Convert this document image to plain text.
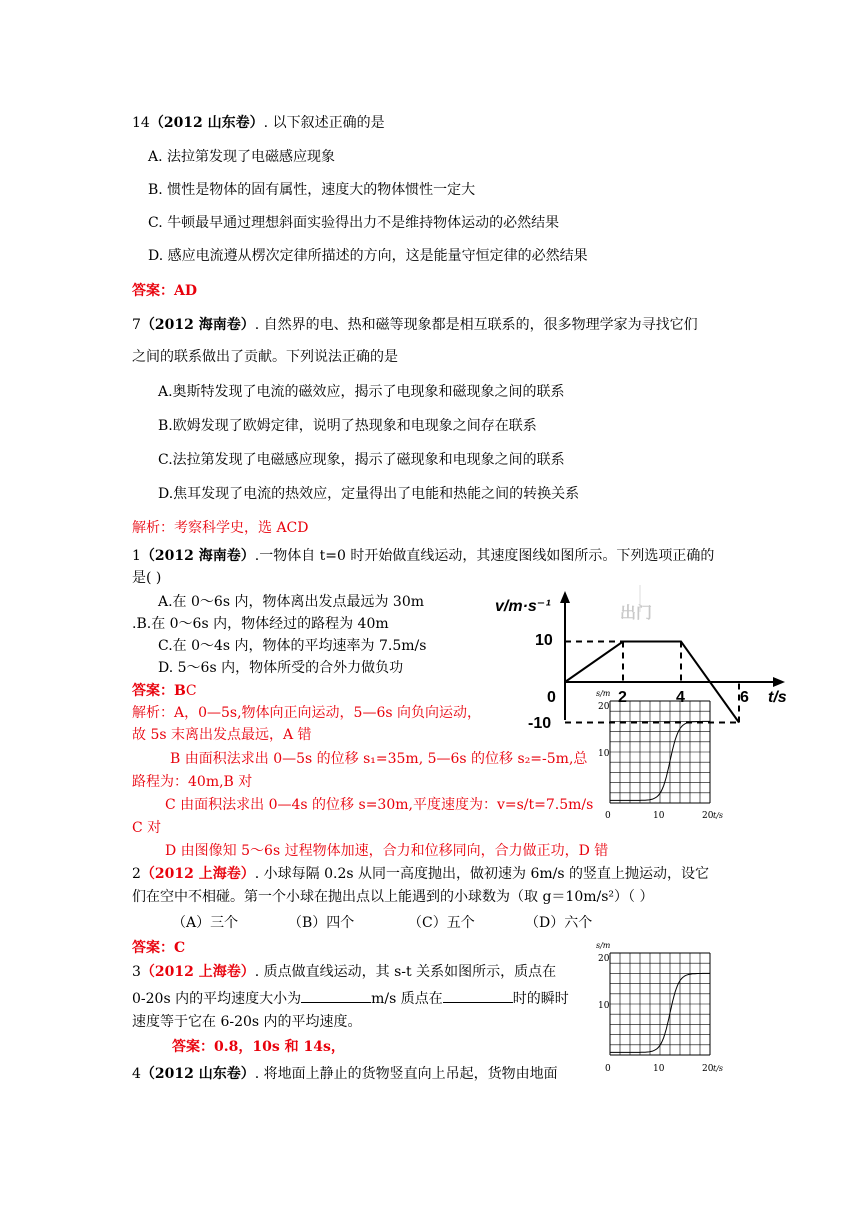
14（2012 山东卷）. 以下叙述正确的是
A. 法拉第发现了电磁感应现象
B. 惯性是物体的固有属性，速度大的物体惯性一定大
C. 牛顿最早通过理想斜面实验得出力不是维持物体运动的必然结果
D. 感应电流遵从楞次定律所描述的方向，这是能量守恒定律的必然结果
答案：AD
7（2012 海南卷）. 自然界的电、热和磁等现象都是相互联系的，很多物理学家为寻找它们
之间的联系做出了贡献。下列说法正确的是
A.奥斯特发现了电流的磁效应，揭示了电现象和磁现象之间的联系
B.欧姆发现了欧姆定律，说明了热现象和电现象之间存在联系
C.法拉第发现了电磁感应现象，揭示了磁现象和电现象之间的联系
D.焦耳发现了电流的热效应，定量得出了电能和热能之间的转换关系
解析：考察科学史，选 ACD
1（2012 海南卷）.一物体自 t=0 时开始做直线运动，其速度图线如图所示。下列选项正确的
是( )
A.在 0～6s 内，物体离出发点最远为 30m
.B.在 0～6s 内，物体经过的路程为 40m
C.在 0～4s 内，物体的平均速率为 7.5m/s
D. 5～6s 内，物体所受的合外力做负功
答案：BC
解析：A，0—5s,物体向正向运动，5—6s 向负向运动，
故 5s 末离出发点最远，A 错
B 由面积法求出 0—5s 的位移 s₁=35m, 5—6s 的位移 s₂=-5m,总
路程为：40m,B 对
C 由面积法求出 0—4s 的位移 s=30m,平度速度为：v=s/t=7.5m/s
C 对
D 由图像知 5～6s 过程物体加速，合力和位移同向，合力做正功，D 错
2（2012 上海卷）. 小球每隔 0.2s 从同一高度抛出，做初速为 6m/s 的竖直上抛运动，设它
们在空中不相碰。第一个小球在抛出点以上能遇到的小球数为（取 g＝10m/s²）（ ）
（A）三个	（B）四个	（C）五个	（D）六个
答案：C
3（2012 上海卷）. 质点做直线运动，其 s-t 关系如图所示，质点在
0-20s 内的平均速度大小为	m/s 质点在	时的瞬时
速度等于它在 6-20s 内的平均速度。
答案：0.8，10s 和 14s，
4（2012 山东卷）. 将地面上静止的货物竖直向上吊起，货物由地面
出门
v/m·s⁻¹
t/s
10
-10
0	2	4	6
s/m
20
10
0	10	20 t/s
s/m
20
10
0	10	20 t/s
